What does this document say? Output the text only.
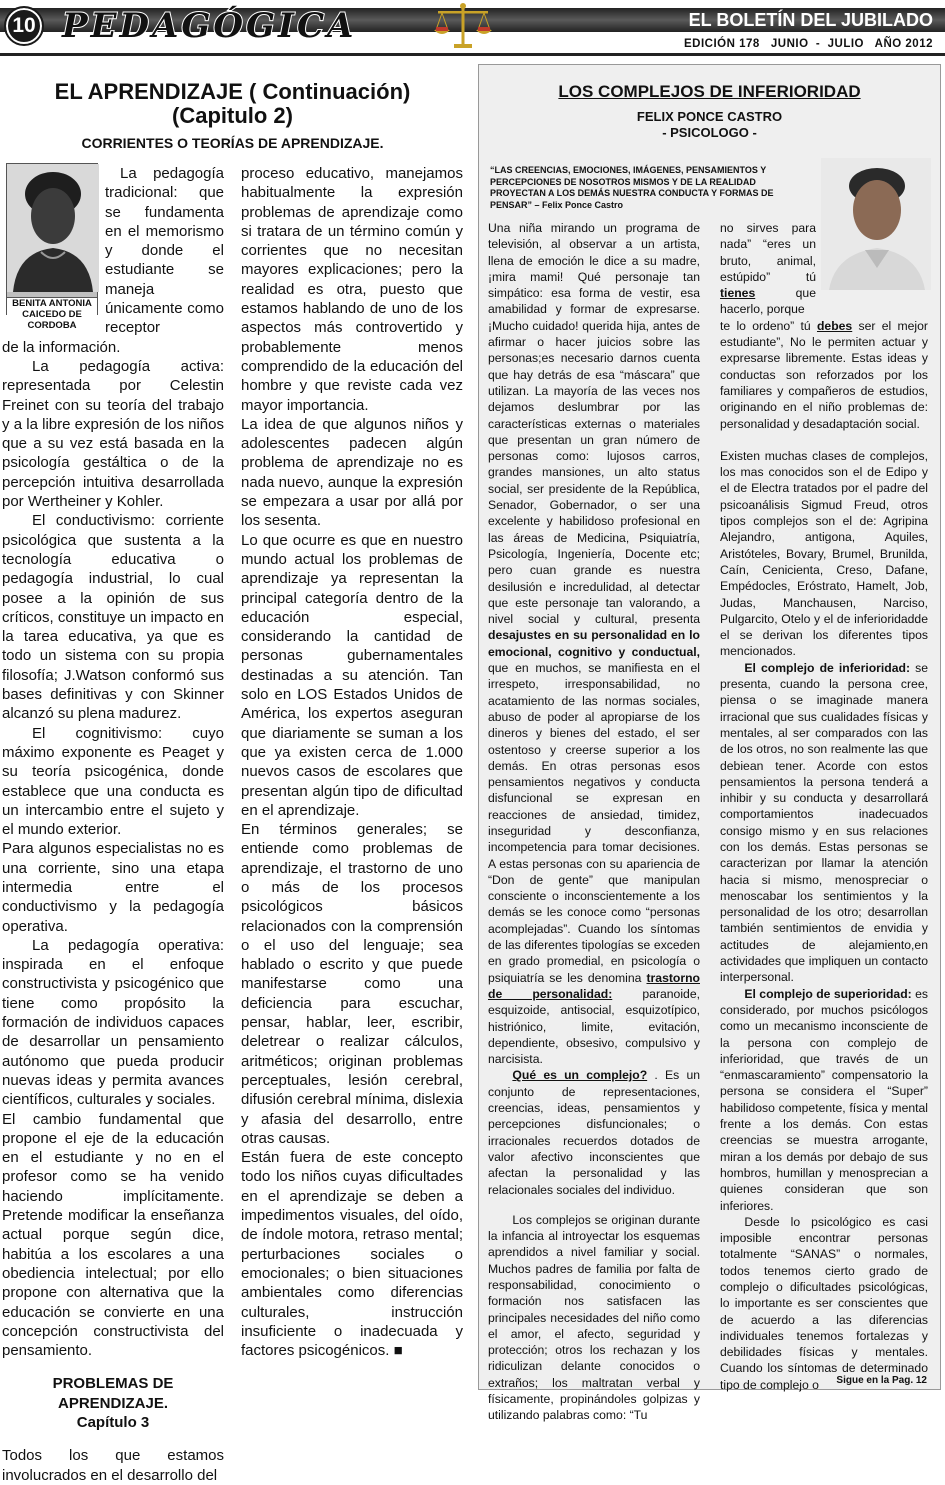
10 PEDAGÓGICA	EL BOLETÍN DEL JUBILADO
EDICIÓN 178   JUNIO  -  JULIO   AÑO 2012
EL APRENDIZAJE ( Continuación)
(Capitulo 2)
CORRIENTES O TEORÍAS DE APRENDIZAJE.
BENITA ANTONIA
CAICEDO DE CORDOBA
La pedagogía tradicional: que se fundamenta en el memorismo y donde el estudiante se maneja únicamente como receptor

de la información.

La pedagogía activa: representada por Celestin Freinet con su teoría del trabajo y a la libre expresión de los niños que a su vez está basada en la psicología gestáltica o de la percepción intuitiva desarrollada por Wertheiner y Kohler.

El conductivismo: corriente psicológica que sustenta a la tecnología educativa o pedagogía industrial, lo cual posee a la opinión de sus críticos, constituye un impacto en la tarea educativa, ya que es todo un sistema con su propia filosofía; J.Watson conformó sus bases definitivas y con Skinner alcanzó su plena madurez.

El cognitivismo: cuyo máximo exponente es Peaget y su teoría psicogénica, donde establece que una conducta es un intercambio entre el sujeto y el mundo exterior.

Para algunos especialistas no es una corriente, sino una etapa intermedia entre el conductivismo y la pedagogía operativa.

La pedagogía operativa: inspirada en el enfoque constructivista y psicogénico que tiene como propósito la formación de individuos capaces de desarrollar un pensamiento autónomo que pueda producir nuevas ideas y permita avances científicos, culturales y sociales.

El cambio fundamental que propone el eje de la educación en el estudiante y no en el profesor como se ha venido haciendo implícitamente. Pretende modificar la enseñanza actual porque según dice, habitúa a los escolares a una obediencia intelectual; por ello propone con alternativa que la educación se convierte en una concepción constructivista del pensamiento.

PROBLEMAS DE
APRENDIZAJE.
Capítulo 3

Todos los que estamos involucrados en el desarrollo del

proceso educativo, manejamos habitualmente la expresión problemas de aprendizaje como si tratara de un término común y corrientes que no necesitan mayores explicaciones; pero la realidad es otra, puesto que estamos hablando de uno de los aspectos más controvertido y probablemente menos comprendido de la educación del hombre y que reviste cada vez mayor importancia.

La idea de que algunos niños y adolescentes padecen algún problema de aprendizaje no es nada nuevo, aunque la expresión se empezara a usar por allá por los sesenta.

Lo que ocurre es que en nuestro mundo actual los problemas de aprendizaje ya representan la principal categoría dentro de la educación especial, considerando la cantidad de personas gubernamentales destinadas a su atención. Tan solo en LOS Estados Unidos de América, los expertos aseguran que diariamente se suman a los que ya existen cerca de 1.000 nuevos casos de escolares que presentan algún tipo de dificultad en el aprendizaje.

En términos generales; se entiende como problemas de aprendizaje, el trastorno de uno o más de los procesos psicológicos básicos relacionados con la comprensión o el uso del lenguaje; sea hablado o escrito y que puede manifestarse como una deficiencia para escuchar, pensar, hablar, leer, escribir, deletrear o realizar cálculos, aritméticos; originan problemas perceptuales, lesión cerebral, difusión cerebral mínima, dislexia y afasia del desarrollo, entre otras causas.

Están fuera de este concepto todo los niños cuyas dificultades en el aprendizaje se deben a impedimentos visuales, del oído, de índole motora, retraso mental; perturbaciones sociales o emocionales; o bien situaciones ambientales como diferencias culturales, instrucción insuficiente o inadecuada y factores psicogénicos. ■

LOS COMPLEJOS DE INFERIORIDAD
FELIX PONCE CASTRO
- PSICOLOGO -
“LAS CREENCIAS, EMOCIONES, IMÁGENES, PENSAMIENTOS Y PERCEPCIONES DE NOSOTROS MISMOS Y DE LA REALIDAD PROYECTAN A LOS DEMÁS NUESTRA CONDUCTA Y FORMAS DE PENSAR” – Felix Ponce Castro

Una niña mirando un programa de televisión, al observar a un artista, llena de emoción le dice a su madre, ¡mira mami! Qué personaje tan simpático: esa forma de vestir, esa amabilidad y formar de expresarse. ¡Mucho cuidado! querida hija, antes de afirmar o hacer juicios sobre las personas;es necesario darnos cuenta que hay detrás de esa “máscara” que utilizan. La mayoría de las veces nos dejamos deslumbrar por las características externas o materiales que presentan un gran número de personas como: lujosos carros, grandes mansiones, un alto status social, ser presidente de la República, Senador, Gobernador, o ser una excelente y habilidoso profesional en las áreas de Medicina, Psiquiatría, Psicología, Ingeniería, Docente etc; pero cuan grande es nuestra desilusión e incredulidad, al detectar que este personaje tan valorando, a nivel social y cultural, presenta desajustes en su personalidad en lo emocional, cognitivo y conductual, que en muchos, se manifiesta en el irrespeto, irresponsabilidad, no acatamiento de las normas sociales, abuso de poder al apropiarse de los dineros y bienes del estado, el ser ostentoso y creerse superior a los demás. En otras personas esos pensamientos negativos y conducta disfuncional se expresan en reacciones de ansiedad, timidez, inseguridad y desconfianza, incompetencia para tomar decisiones. A estas personas con su apariencia de “Don de gente” que manipulan consciente o inconscientemente a los demás se les conoce como “personas acomplejadas”. Cuando los síntomas de las diferentes tipologías se exceden en grado promedial, en psicología o psiquiatría se les denomina trastorno de personalidad: paranoide, esquizoide, antisocial, esquizotípico, histriónico, limite, evitación, dependiente, obsesivo, compulsivo y narcisista.

Qué es un complejo? . Es un conjunto de representaciones, creencias, ideas, pensamientos y percepciones disfuncionales; o irracionales recuerdos dotados de valor afectivo inconscientes que afectan la personalidad y las relacionales sociales del individuo.

Los complejos se originan durante la infancia al introyectar los esquemas aprendidos a nivel familiar y social. Muchos padres de familia por falta de responsabilidad, conocimiento o formación nos satisfacen las principales necesidades del niño como el amor, el afecto, seguridad y protección; otros los rechazan y los ridiculizan delante conocidos o extraños; los maltratan verbal y físicamente, propinándoles golpizas y utilizando palabras como: “Tu

no sirves para nada” “eres un bruto, animal, estúpido” tú tienes que hacerlo, porque

te lo ordeno” tú debes ser el mejor estudiante”, No le permiten actuar y expresarse libremente. Estas ideas y conductas son reforzados por los familiares y compañeros de estudios, originando en el niño problemas de: personalidad y desadaptación social.

Existen muchas clases de complejos, los mas conocidos son el de Edipo y el de Electra tratados por el padre del psicoanálisis Sigmud Freud, otros tipos complejos son el de: Agripina Alejandro, antigona, Aquiles, Aristóteles, Bovary, Brumel, Brunilda, Caín, Cenicienta, Creso, Dafane, Empédocles, Eróstrato, Hamelt, Job, Judas, Manchausen, Narciso, Pulgarcito, Otelo y el de inferioridadde el se derivan los diferentes tipos mencionados.

El complejo de inferioridad: se presenta, cuando la persona cree, piensa o se imaginade manera irracional que sus cualidades físicas y mentales, al ser comparados con las de los otros, no son realmente las que debiean tener. Acorde con estos pensamientos la persona tenderá a inhibir y su conducta y desarrollará comportamientos inadecuados consigo mismo y en sus relaciones con los demás. Estas personas se caracterizan por llamar la atención hacia si mismo, menospreciar o menoscabar los sentimientos y la personalidad de los otro; desarrollan también sentimientos de envidia y actitudes de alejamiento,en actividades que impliquen un contacto interpersonal.

El complejo de superioridad: es considerado, por muchos psicólogos como un mecanismo inconsciente de la persona con complejo de inferioridad, que través de un “enmascaramiento” compensatorio la persona se considera el “Super” habilidoso competente, física y mental frente a los demás. Con estas creencias se muestra arrogante, miran a los demás por debajo de sus hombros, humillan y menosprecian a quienes consideran que son inferiores.

Desde lo psicológico es casi imposible encontrar personas totalmente “SANAS” o normales, todos tenemos cierto grado de complejo o dificultades psicológicas, lo importante es ser conscientes que de acuerdo a las diferencias individuales tenemos fortalezas y debilidades físicas y mentales. Cuando los síntomas de determinado tipo de complejo o	Sigue en la Pag. 12
